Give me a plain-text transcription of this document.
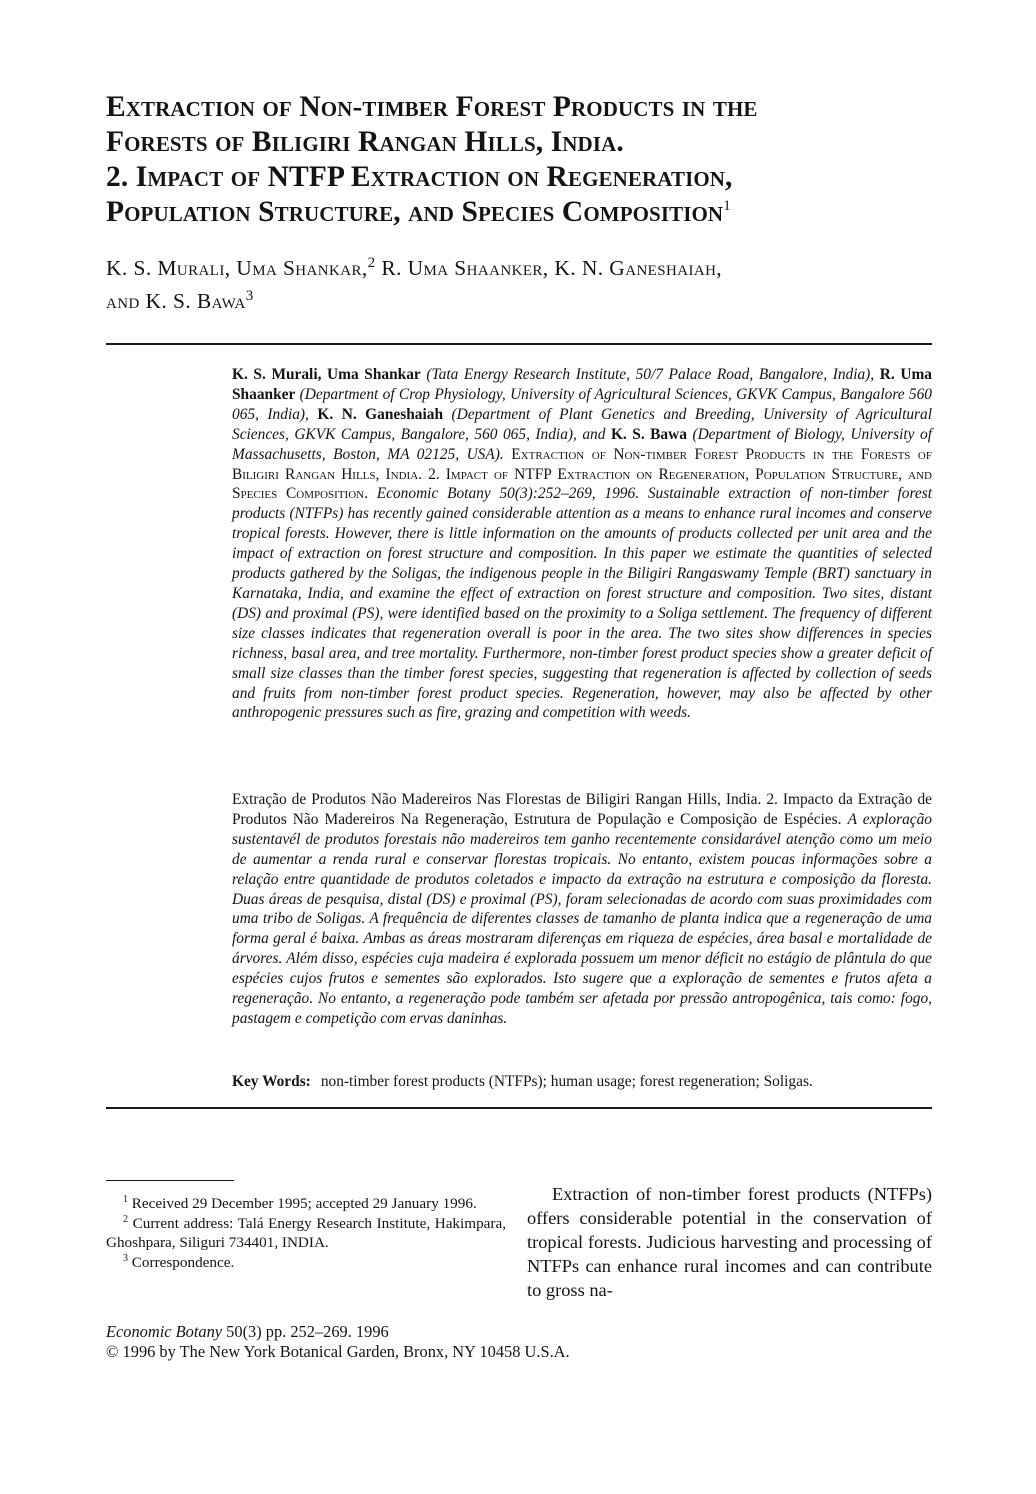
Extraction of Non-timber Forest Products in the
Forests of Biligiri Rangan Hills, India.
2. Impact of NTFP Extraction on Regeneration,
Population Structure, and Species Composition$^1$
K. S. Murali, Uma Shankar,$^2$ R. Uma Shaanker, K. N. Ganeshaiah,
and K. S. Bawa$^3$

K. S. Murali, Uma Shankar (Tata Energy Research Institute, 50/7 Palace Road, Bangalore, India), R. Uma Shaanker (Department of Crop Physiology, University of Agricultural Sciences, GKVK Campus, Bangalore 560 065, India), K. N. Ganeshaiah (Department of Plant Genetics and Breeding, University of Agricultural Sciences, GKVK Campus, Bangalore, 560 065, India), and K. S. Bawa (Department of Biology, University of Massachusetts, Boston, MA 02125, USA). Extraction of Non-timber Forest Products in the Forests of Biligiri Rangan Hills, India. 2. Impact of NTFP Extraction on Regeneration, Population Structure, and Species Composition. Economic Botany 50(3):252–269, 1996. Sustainable extraction of non-timber forest products (NTFPs) has recently gained considerable attention as a means to enhance rural incomes and conserve tropical forests. However, there is little information on the amounts of products collected per unit area and the impact of extraction on forest structure and composition. In this paper we estimate the quantities of selected products gathered by the Soligas, the indigenous people in the Biligiri Rangaswamy Temple (BRT) sanctuary in Karnataka, India, and examine the effect of extraction on forest structure and composition. Two sites, distant (DS) and proximal (PS), were identified based on the proximity to a Soliga settlement. The frequency of different size classes indicates that regeneration overall is poor in the area. The two sites show differences in species richness, basal area, and tree mortality. Furthermore, non-timber forest product species show a greater deficit of small size classes than the timber forest species, suggesting that regeneration is affected by collection of seeds and fruits from non-timber forest product species. Regeneration, however, may also be affected by other anthropogenic pressures such as fire, grazing and competition with weeds.

Extração de Produtos Não Madereiros Nas Florestas de Biligiri Rangan Hills, India. 2. Impacto da Extração de Produtos Não Madereiros Na Regeneração, Estrutura de População e Composição de Espécies. A exploração sustentavél de produtos forestais não madereiros tem ganho recentemente considarável atenção como um meio de aumentar a renda rural e conservar florestas tropicais. No entanto, existem poucas informações sobre a relação entre quantidade de produtos coletados e impacto da extração na estrutura e composição da floresta. Duas áreas de pesquisa, distal (DS) e proximal (PS), foram selecionadas de acordo com suas proximidades com uma tribo de Soligas. A frequência de diferentes classes de tamanho de planta indica que a regeneração de uma forma geral é baixa. Ambas as áreas mostraram diferenças em riqueza de espécies, área basal e mortalidade de árvores. Além disso, espécies cuja madeira é explorada possuem um menor déficit no estágio de plântula do que espécies cujos frutos e sementes são explorados. Isto sugere que a exploração de sementes e frutos afeta a regeneração. No entanto, a regeneração pode também ser afetada por pressão antropogênica, tais como: fogo, pastagem e competição com ervas daninhas.

Key Words: non-timber forest products (NTFPs); human usage; forest regeneration; Soligas.

$^1$ Received 29 December 1995; accepted 29 January 1996.

$^2$ Current address: Talá Energy Research Institute, Hakimpara, Ghoshpara, Siliguri 734401, INDIA.

$^3$ Correspondence.

Extraction of non-timber forest products (NTFPs) offers considerable potential in the conservation of tropical forests. Judicious harvesting and processing of NTFPs can enhance rural incomes and can contribute to gross na-

Economic Botany 50(3) pp. 252–269. 1996

© 1996 by The New York Botanical Garden, Bronx, NY 10458 U.S.A.
